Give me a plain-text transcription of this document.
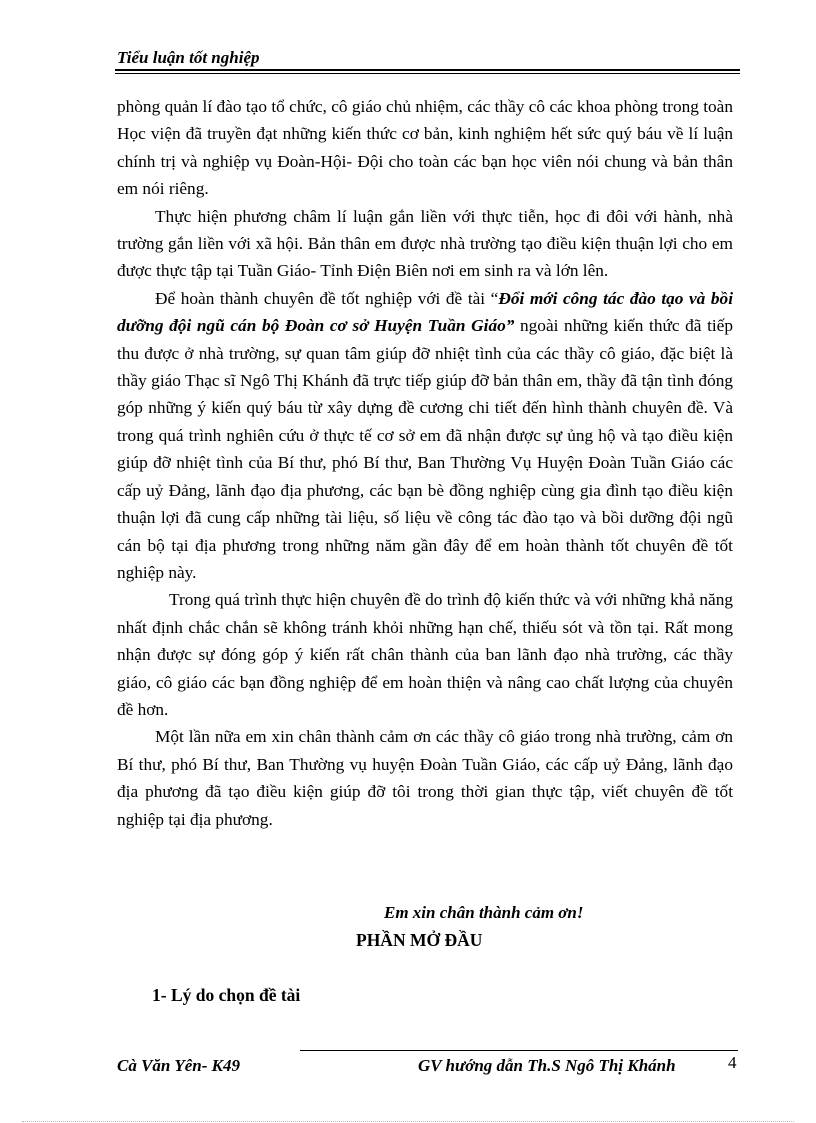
Tiểu luận tốt nghiệp

phòng quản lí đào tạo tổ chức, cô giáo chủ nhiệm, các thầy cô các khoa phòng trong toàn Học viện đã truyền đạt những kiến thức cơ bản, kinh nghiệm hết sức quý báu về lí luận chính trị và nghiệp vụ Đoàn-Hội- Đội cho toàn các bạn học viên nói chung và bản thân em nói riêng.

Thực hiện phương châm lí luận gắn liền với thực tiễn, học đi đôi với hành, nhà trường gắn liền với xã hội. Bản thân em được nhà trường tạo điều kiện thuận lợi cho em được thực tập tại Tuần Giáo- Tỉnh Điện Biên nơi em sinh ra và lớn lên.

Để hoàn thành chuyên đề tốt nghiệp với đề tài “Đổi mới công tác đào tạo và bồi dưỡng đội ngũ cán bộ Đoàn cơ sở Huyện Tuần Giáo” ngoài những kiến thức đã tiếp thu được ở nhà trường, sự quan tâm giúp đỡ nhiệt tình của các thầy cô giáo, đặc biệt là thầy giáo Thạc sĩ Ngô Thị Khánh đã trực tiếp giúp đỡ bản thân em, thầy đã tận tình đóng góp những ý kiến quý báu từ xây dựng đề cương chi tiết đến hình thành chuyên đề. Và trong quá trình nghiên cứu ở thực tế cơ sở em đã nhận được sự ủng hộ và tạo điều kiện giúp đỡ nhiệt tình của Bí thư, phó Bí thư, Ban Thường Vụ Huyện Đoàn Tuần Giáo các cấp uỷ Đảng, lãnh đạo địa phương, các bạn bè đồng nghiệp cùng gia đình tạo điều kiện thuận lợi đã cung cấp những tài liệu, số liệu về công tác đào tạo và bồi dưỡng đội ngũ cán bộ tại địa phương trong những năm gần đây để em hoàn thành tốt chuyên đề tốt nghiệp này.

Trong quá trình thực hiện chuyên đề do trình độ kiến thức và với những khả năng nhất định chắc chắn sẽ không tránh khỏi những hạn chế, thiếu sót và tồn tại. Rất mong nhận được sự đóng góp ý kiến rất chân thành của ban lãnh đạo nhà trường, các thầy giáo, cô giáo các bạn đồng nghiệp để em hoàn thiện và nâng cao chất lượng của chuyên đề hơn.

Một lần nữa em xin chân thành cảm ơn các thầy cô giáo trong nhà trường, cảm ơn Bí thư, phó Bí thư, Ban Thường vụ huyện Đoàn Tuần Giáo, các cấp uỷ Đảng, lãnh đạo địa phương đã tạo điều kiện giúp đỡ tôi trong thời gian thực tập, viết chuyên đề tốt nghiệp tại địa phương.

Em xin chân thành cảm ơn!
PHẦN MỞ ĐẦU
1- Lý do chọn đề tài
Cà Văn Yên- K49	GV hướng dẫn Th.S Ngô Thị Khánh	4
